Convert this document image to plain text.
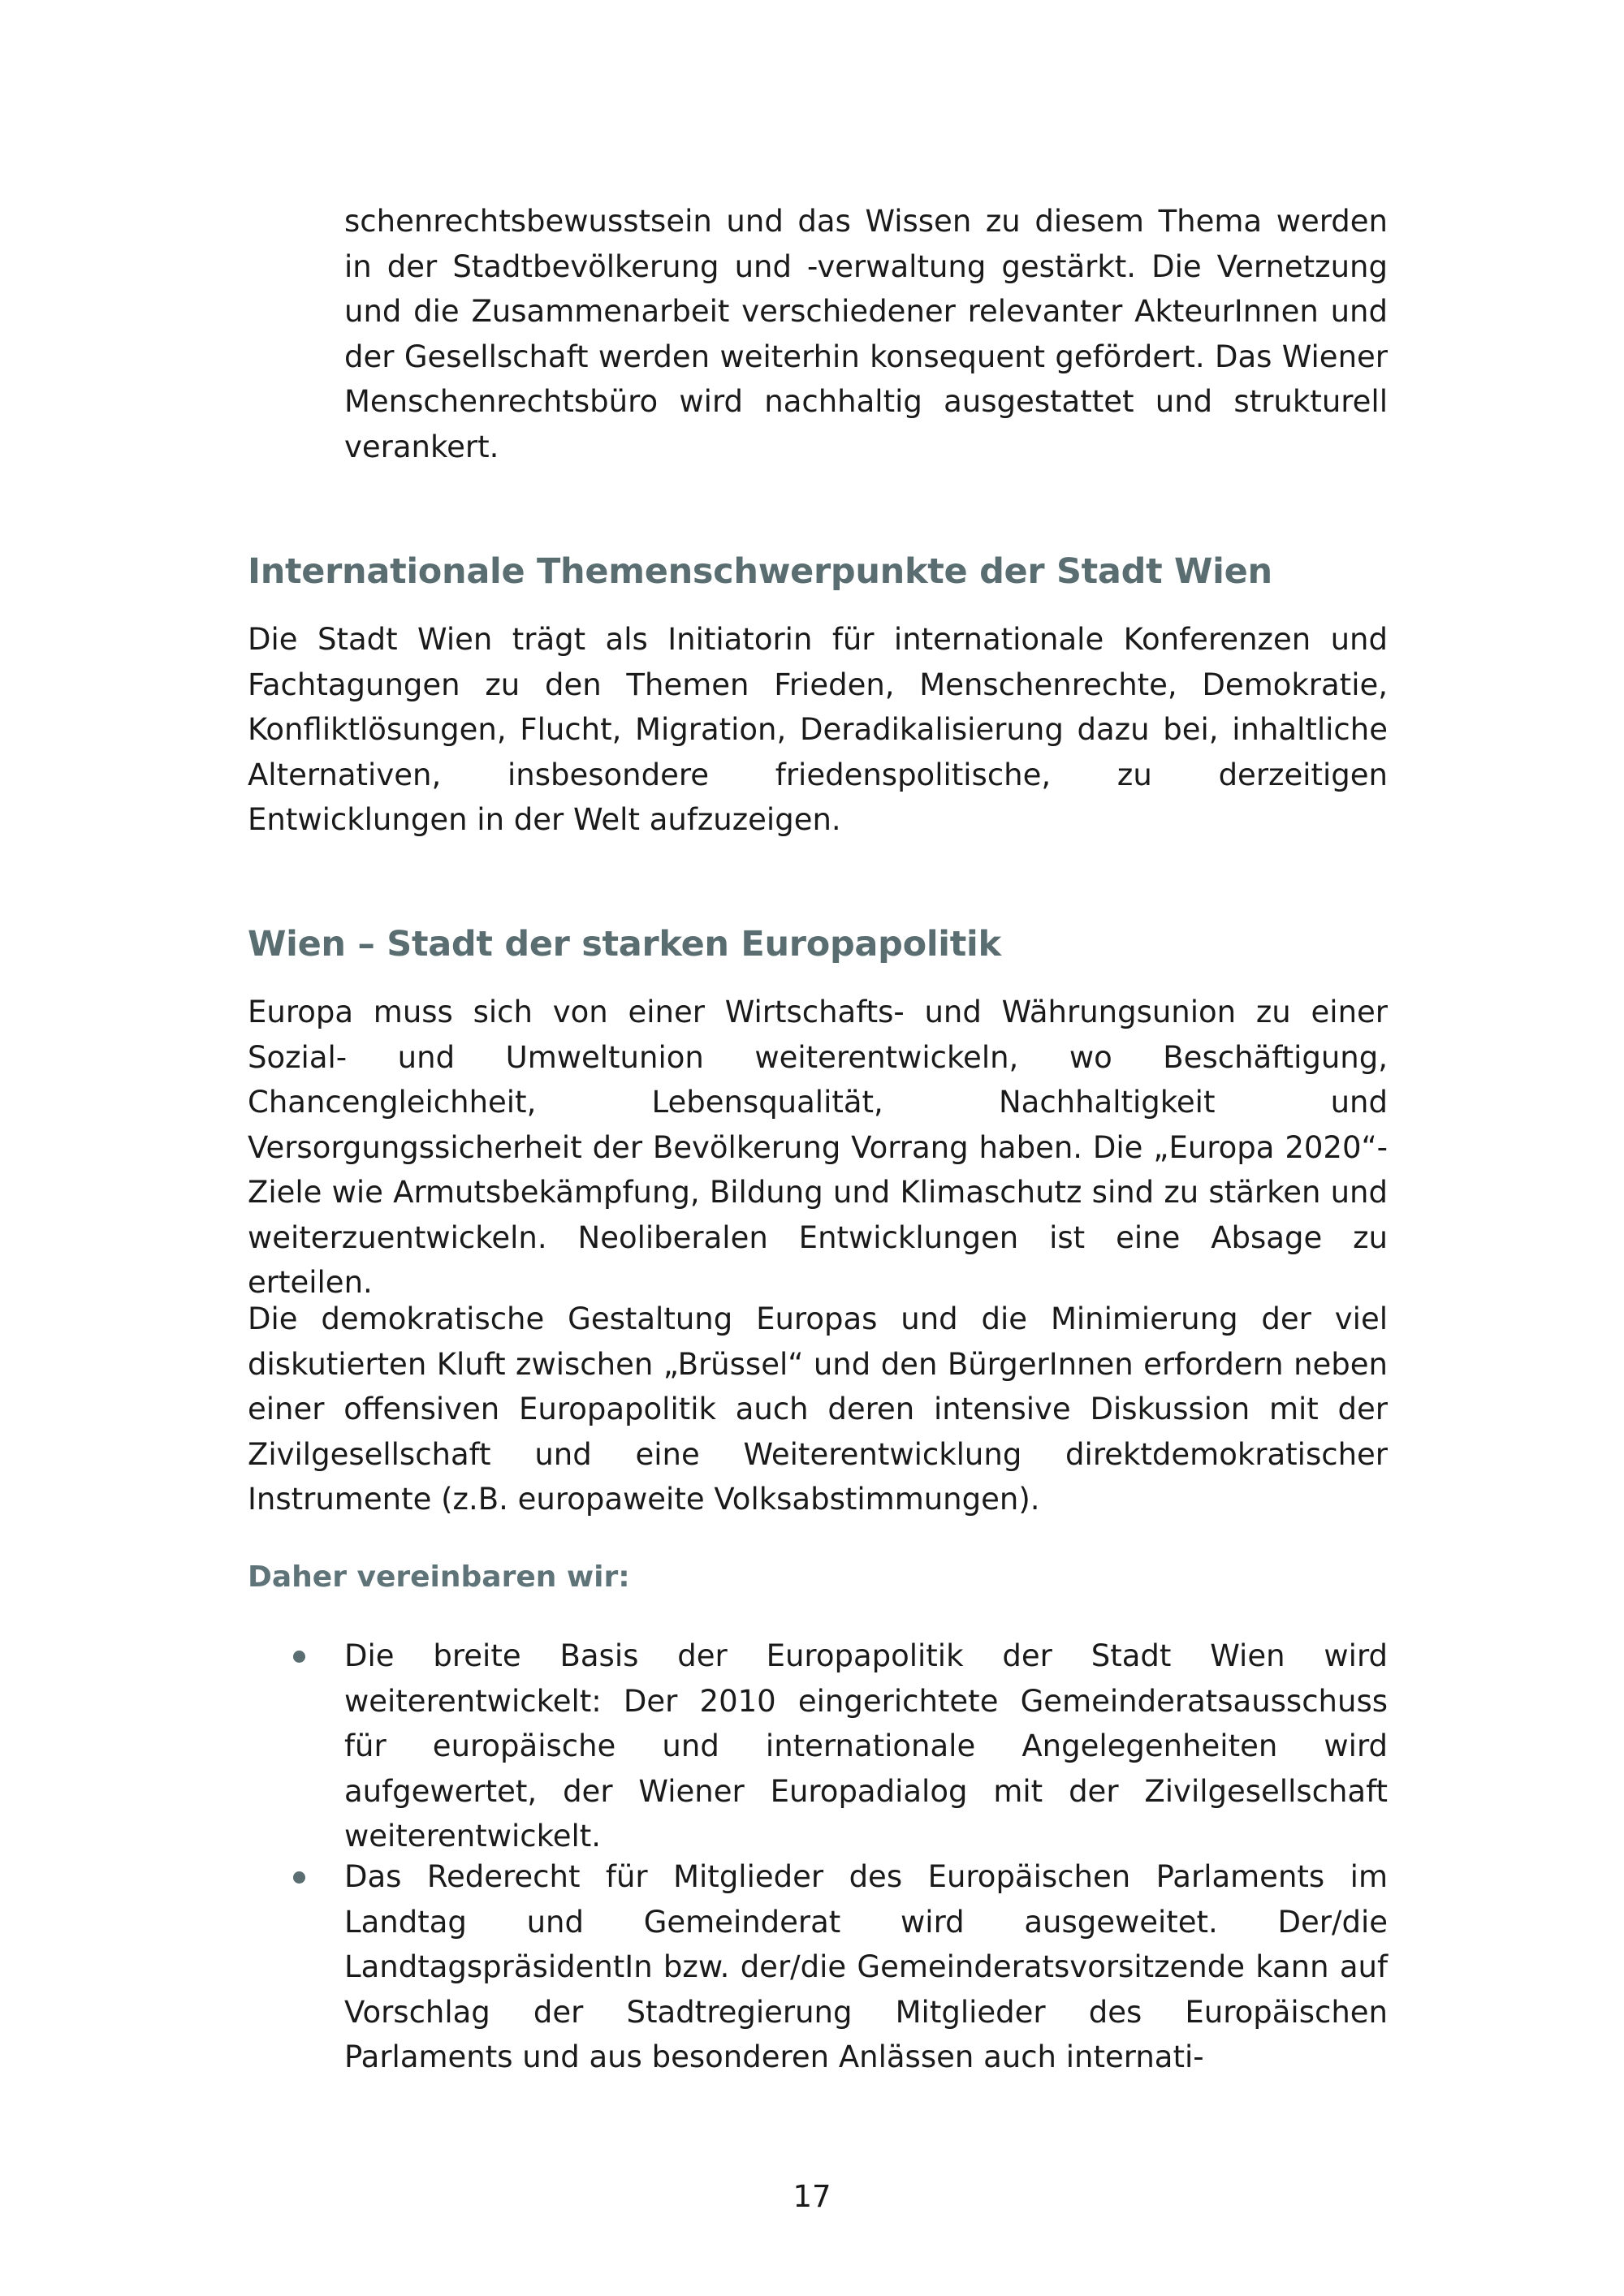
schenrechtsbewusstsein und das Wissen zu diesem Thema werden in der Stadtbevölkerung und -verwaltung gestärkt. Die Vernetzung und die Zusammenarbeit verschiedener relevanter AkteurInnen und der Gesellschaft werden weiterhin konsequent gefördert. Das Wiener Menschenrechtsbüro wird nachhaltig ausgestattet und strukturell verankert.

Internationale Themenschwerpunkte der Stadt Wien

Die Stadt Wien trägt als Initiatorin für internationale Konferenzen und Fachtagungen zu den Themen Frieden, Menschenrechte, Demokratie, Konfliktlösungen, Flucht, Migration, Deradikalisierung dazu bei, inhaltliche Alternativen, insbesondere friedenspolitische, zu derzeitigen Entwicklungen in der Welt aufzuzeigen.

Wien – Stadt der starken Europapolitik

Europa muss sich von einer Wirtschafts- und Währungsunion zu einer Sozial- und Umweltunion weiterentwickeln, wo Beschäftigung, Chancengleichheit, Lebensqualität, Nachhaltigkeit und Versorgungssicherheit der Bevölkerung Vorrang haben. Die „Europa 2020“-Ziele wie Armutsbekämpfung, Bildung und Klimaschutz sind zu stärken und weiterzuentwickeln. Neoliberalen Entwicklungen ist eine Absage zu erteilen.

Die demokratische Gestaltung Europas und die Minimierung der viel diskutierten Kluft zwischen „Brüssel“ und den BürgerInnen erfordern neben einer offensiven Europapolitik auch deren intensive Diskussion mit der Zivilgesellschaft und eine Weiterentwicklung direktdemokratischer Instrumente (z.B. europaweite Volksabstimmungen).

Daher vereinbaren wir:

Die breite Basis der Europapolitik der Stadt Wien wird weiterentwickelt: Der 2010 eingerichtete Gemeinderatsausschuss für europäische und internationale Angelegenheiten wird aufgewertet, der Wiener Europadialog mit der Zivilgesellschaft weiterentwickelt.

Das Rederecht für Mitglieder des Europäischen Parlaments im Landtag und Gemeinderat wird ausgeweitet. Der/die LandtagspräsidentIn bzw. der/die Gemeinderatsvorsitzende kann auf Vorschlag der Stadtregierung Mitglieder des Europäischen Parlaments und aus besonderen Anlässen auch internati-

17
